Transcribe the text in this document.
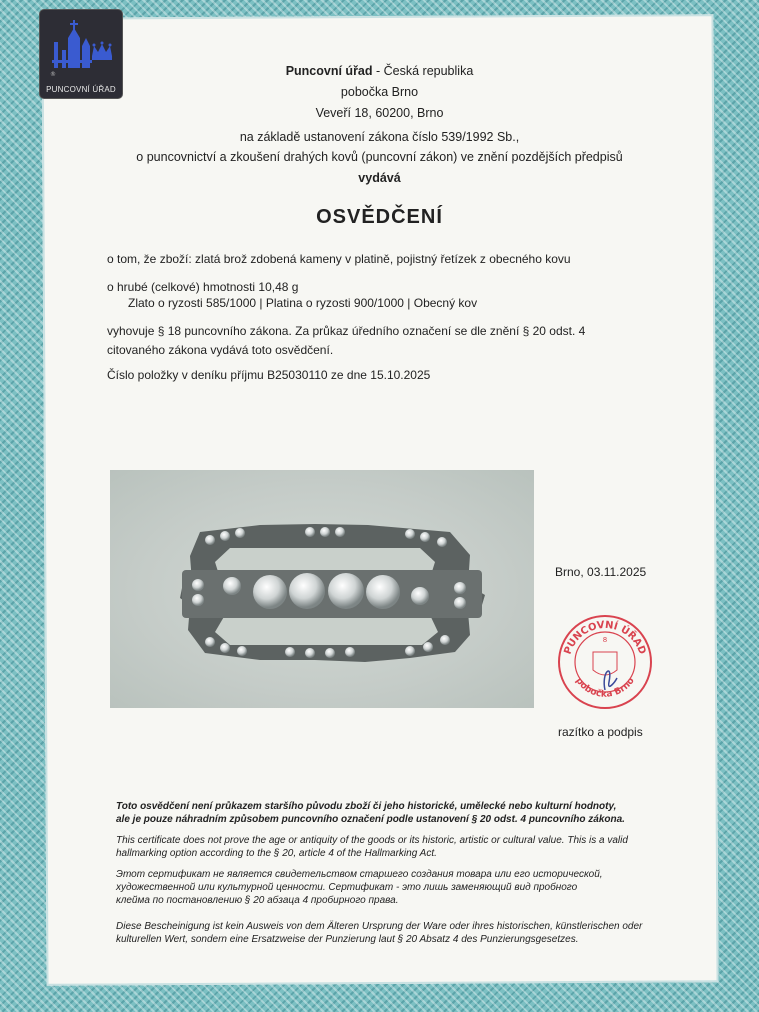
®
PUNCOVNÍ ÚŘAD
Puncovní úřad - Česká republika
pobočka Brno
Veveří 18, 60200, Brno
na základě ustanovení zákona číslo 539/1992 Sb.,
o puncovnictví a zkoušení drahých kovů (puncovní zákon) ve znění pozdějších předpisů
vydává
OSVĚDČENÍ
o tom, že zboží: zlatá brož zdobená kameny v platině, pojistný řetízek z obecného kovu
o hrubé (celkové) hmotnosti 10,48 g
Zlato o ryzosti 585/1000 | Platina o ryzosti 900/1000 | Obecný kov
vyhovuje § 18 puncovního zákona. Za průkaz úředního označení se dle znění § 20 odst. 4
citovaného zákona vydává toto osvědčení.
Číslo položky v deníku příjmu B25030110 ze dne 15.10.2025
Brno, 03.11.2025
PUNCOVNÍ ÚŘAD
pobočka Brno
8
razítko a podpis
Toto osvědčení není průkazem staršího původu zboží či jeho historické, umělecké nebo kulturní hodnoty,
ale je pouze náhradním způsobem puncovního označení podle ustanovení § 20 odst. 4 puncovního zákona.
This certificate does not prove the age or antiquity of the goods or its historic, artistic or cultural value. This is a valid
hallmarking option according to the § 20, article 4 of the Hallmarking Act.
Этот сертификат не является свидетельством старшего создания товара или его исторической,
художественной или культурной ценности. Сертификат - это лишь заменяющий вид пробного
клейма по постановлению § 20 абзаца 4 пробирного права.
Diese Bescheinigung ist kein Ausweis von dem Älteren Ursprung der Ware oder ihres historischen, künstlerischen oder
kulturellen Wert, sondern eine Ersatzweise der Punzierung laut § 20 Absatz 4 des Punzierungsgesetzes.
